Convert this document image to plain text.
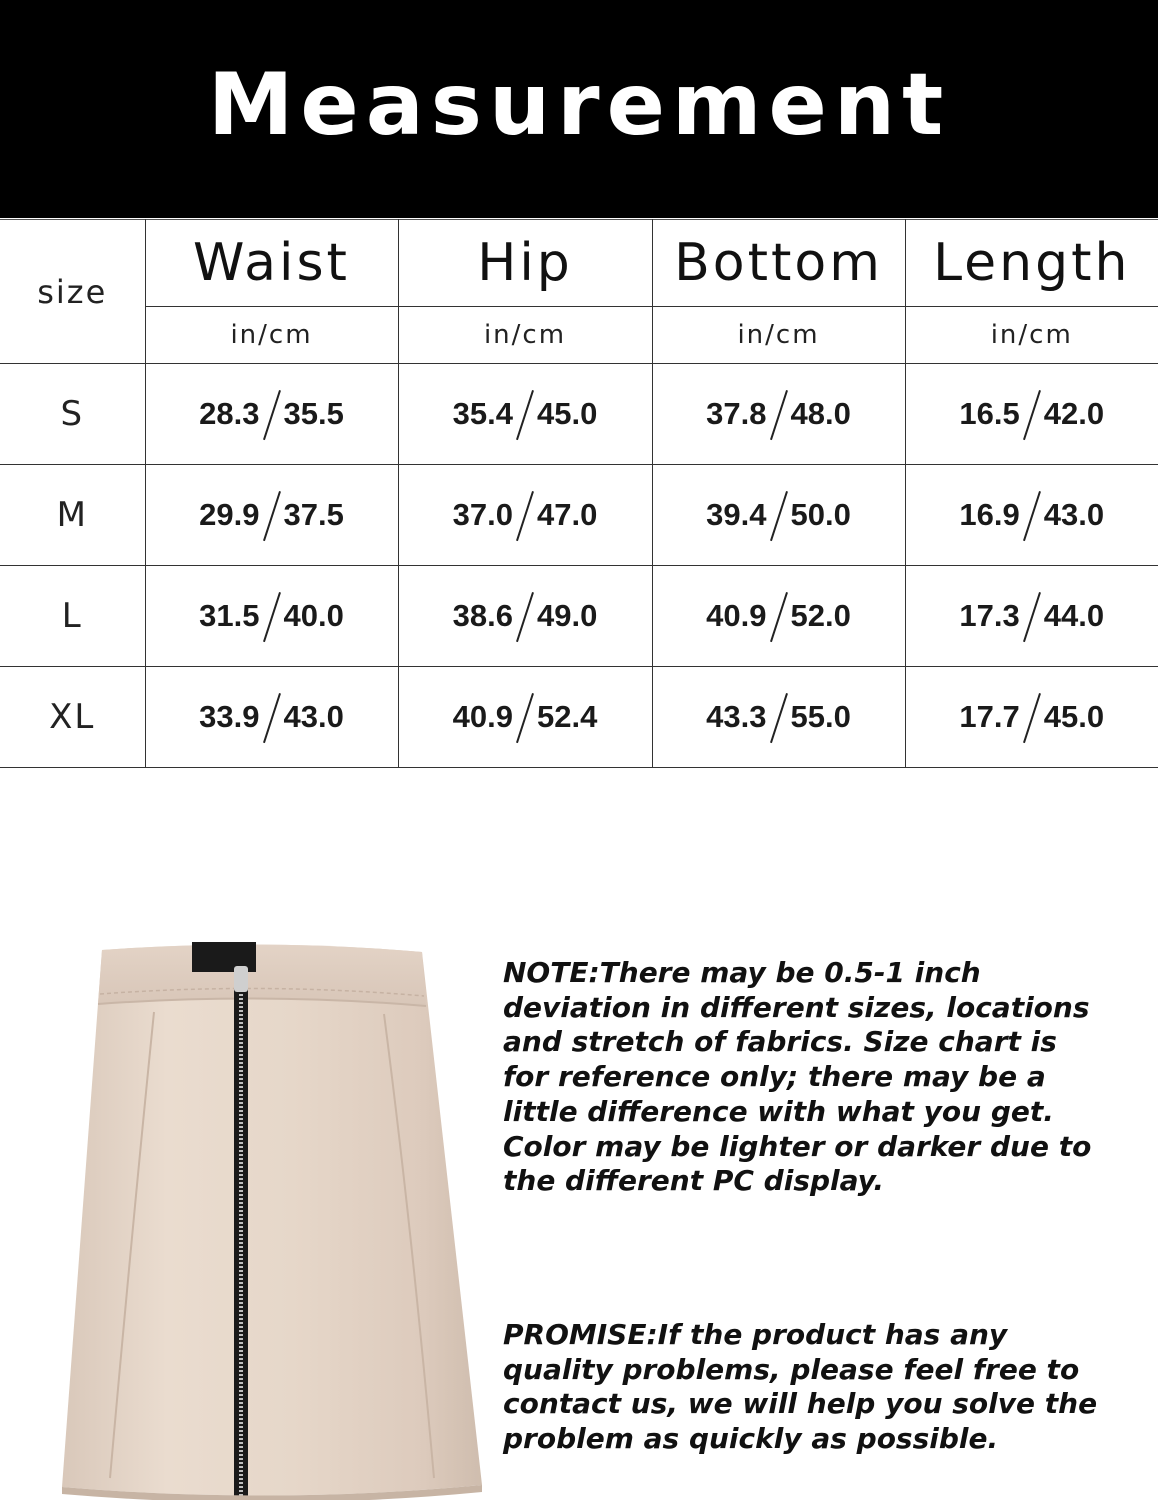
Measurement
size	Waist	Hip	Bottom	Length
	in/cm	in/cm	in/cm	in/cm
S	28.3 35.5	35.4 45.0	37.8 48.0	16.5 42.0

M	29.9 37.5	37.0 47.0	39.4 50.0	16.9 43.0

L	31.5 40.0	38.6 49.0	40.9 52.0	17.3 44.0

XL	33.9 43.0	40.9 52.4	43.3 55.0	17.7 45.0

NOTE:There may be 0.5-1 inch deviation in different sizes, locations and stretch of fabrics. Size chart is for reference only; there may be a little difference with what you get. Color may be lighter or darker due to the different PC display.

PROMISE:If the product has any quality problems, please feel free to contact us, we will help you solve the problem as quickly as possible.
